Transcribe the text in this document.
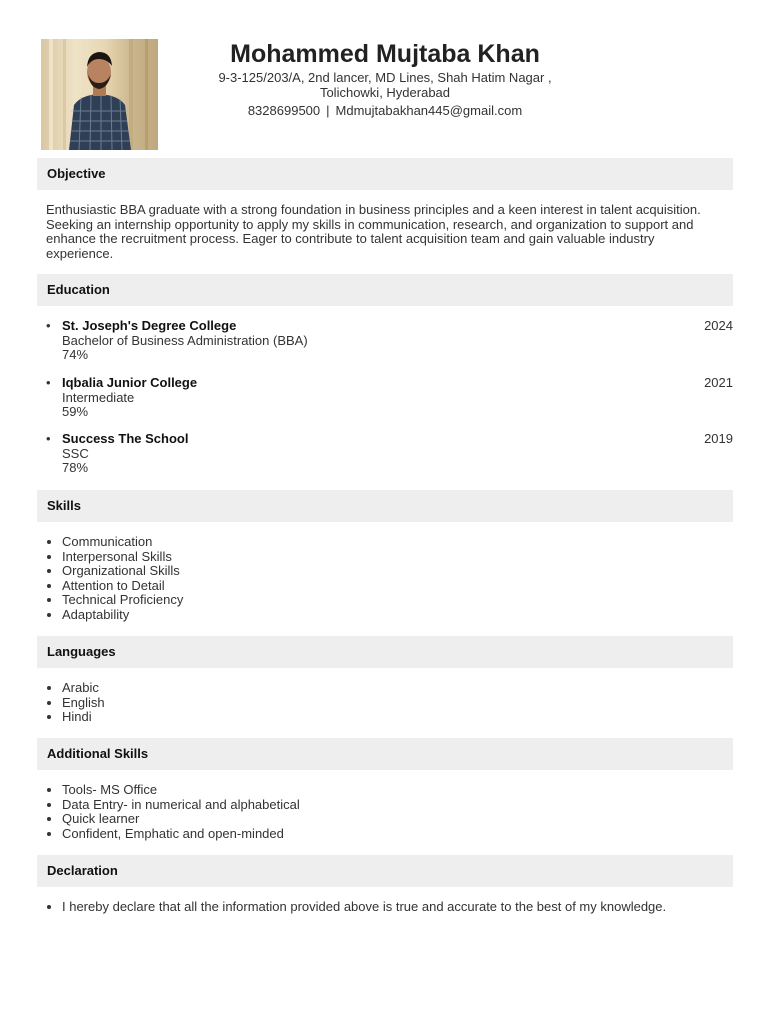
Mohammed Mujtaba Khan
9-3-125/203/A, 2nd lancer, MD Lines, Shah Hatim Nagar ,
Tolichowki, Hyderabad
8328699500 | Mdmujtabakhan445@gmail.com
Objective
Enthusiastic BBA graduate with a strong foundation in business principles and a keen interest in talent acquisition. Seeking an internship opportunity to apply my skills in communication, research, and organization to support and enhance the recruitment process. Eager to contribute to talent acquisition team and gain valuable industry experience.
Education
• St. Joseph's Degree College
Bachelor of Business Administration (BBA)
74%
2024
• Iqbalia Junior College
Intermediate
59%
2021
• Success The School
SSC
78%
2019
Skills
• Communication
• Interpersonal Skills
• Organizational Skills
• Attention to Detail
• Technical Proficiency
• Adaptability
Languages
• Arabic
• English
• Hindi
Additional Skills
• Tools- MS Office
• Data Entry- in numerical and alphabetical
• Quick learner
• Confident, Emphatic and open-minded
Declaration
• I hereby declare that all the information provided above is true and accurate to the best of my knowledge.
